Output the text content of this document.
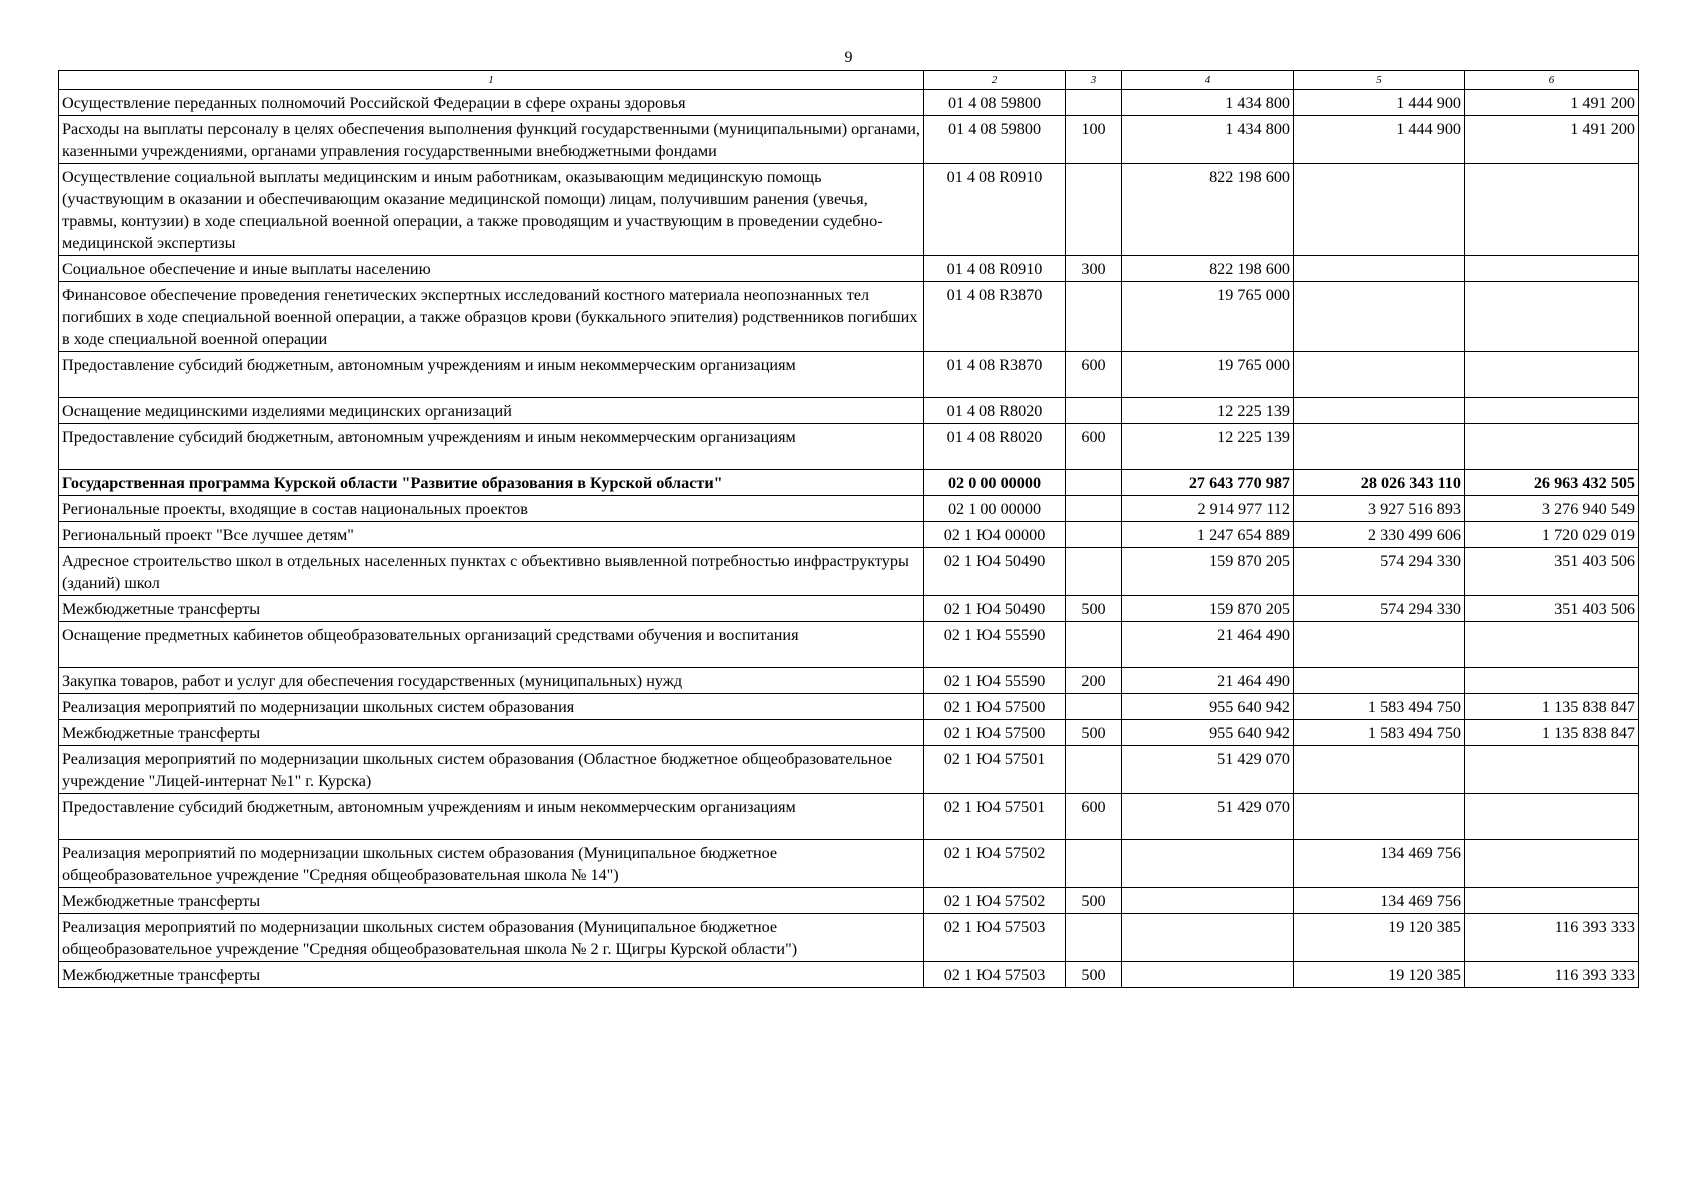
9
1	2	3	4	5	6
Осуществление переданных полномочий Российской Федерации в сфере охраны здоровья	01 4 08 59800		1 434 800	1 444 900	1 491 200
Расходы на выплаты персоналу в целях обеспечения выполнения функций государственными (муниципальными) органами, казенными учреждениями, органами управления государственными внебюджетными фондами	01 4 08 59800	100	1 434 800	1 444 900	1 491 200
Осуществление социальной выплаты медицинским и иным работникам, оказывающим медицинскую помощь (участвующим в оказании и обеспечивающим оказание медицинской помощи) лицам, получившим ранения (увечья, травмы, контузии) в ходе специальной военной операции, а также проводящим и участвующим в проведении судебно-медицинской экспертизы	01 4 08 R0910		822 198 600		
Социальное обеспечение и иные выплаты населению	01 4 08 R0910	300	822 198 600		
Финансовое обеспечение проведения генетических экспертных исследований костного материала неопознанных тел погибших в ходе специальной военной операции, а также образцов крови (буккального эпителия) родственников погибших в ходе специальной военной операции	01 4 08 R3870		19 765 000		
Предоставление субсидий бюджетным, автономным учреждениям и иным некоммерческим организациям	01 4 08 R3870	600	19 765 000		
Оснащение медицинскими изделиями медицинских организаций	01 4 08 R8020		12 225 139		
Предоставление субсидий бюджетным, автономным учреждениям и иным некоммерческим организациям	01 4 08 R8020	600	12 225 139		
Государственная программа Курской области "Развитие образования в Курской области"	02 0 00 00000		27 643 770 987	28 026 343 110	26 963 432 505
Региональные проекты, входящие в состав национальных проектов	02 1 00 00000		2 914 977 112	3 927 516 893	3 276 940 549
Региональный проект "Все лучшее детям"	02 1 Ю4 00000		1 247 654 889	2 330 499 606	1 720 029 019
Адресное строительство школ в отдельных населенных пунктах с объективно выявленной потребностью инфраструктуры (зданий) школ	02 1 Ю4 50490		159 870 205	574 294 330	351 403 506
Межбюджетные трансферты	02 1 Ю4 50490	500	159 870 205	574 294 330	351 403 506
Оснащение предметных кабинетов общеобразовательных организаций средствами обучения и воспитания	02 1 Ю4 55590		21 464 490		
Закупка товаров, работ и услуг для обеспечения государственных (муниципальных) нужд	02 1 Ю4 55590	200	21 464 490		
Реализация мероприятий по модернизации школьных систем образования	02 1 Ю4 57500		955 640 942	1 583 494 750	1 135 838 847
Межбюджетные трансферты	02 1 Ю4 57500	500	955 640 942	1 583 494 750	1 135 838 847
Реализация мероприятий по модернизации школьных систем образования (Областное бюджетное общеобразовательное учреждение "Лицей-интернат №1" г. Курска)	02 1 Ю4 57501		51 429 070		
Предоставление субсидий бюджетным, автономным учреждениям и иным некоммерческим организациям	02 1 Ю4 57501	600	51 429 070		
Реализация мероприятий по модернизации школьных систем образования (Муниципальное бюджетное общеобразовательное учреждение "Средняя общеобразовательная школа № 14")	02 1 Ю4 57502			134 469 756	
Межбюджетные трансферты	02 1 Ю4 57502	500		134 469 756	
Реализация мероприятий по модернизации школьных систем образования (Муниципальное бюджетное общеобразовательное учреждение "Средняя общеобразовательная школа № 2 г. Щигры Курской области")	02 1 Ю4 57503			19 120 385	116 393 333
Межбюджетные трансферты	02 1 Ю4 57503	500		19 120 385	116 393 333
